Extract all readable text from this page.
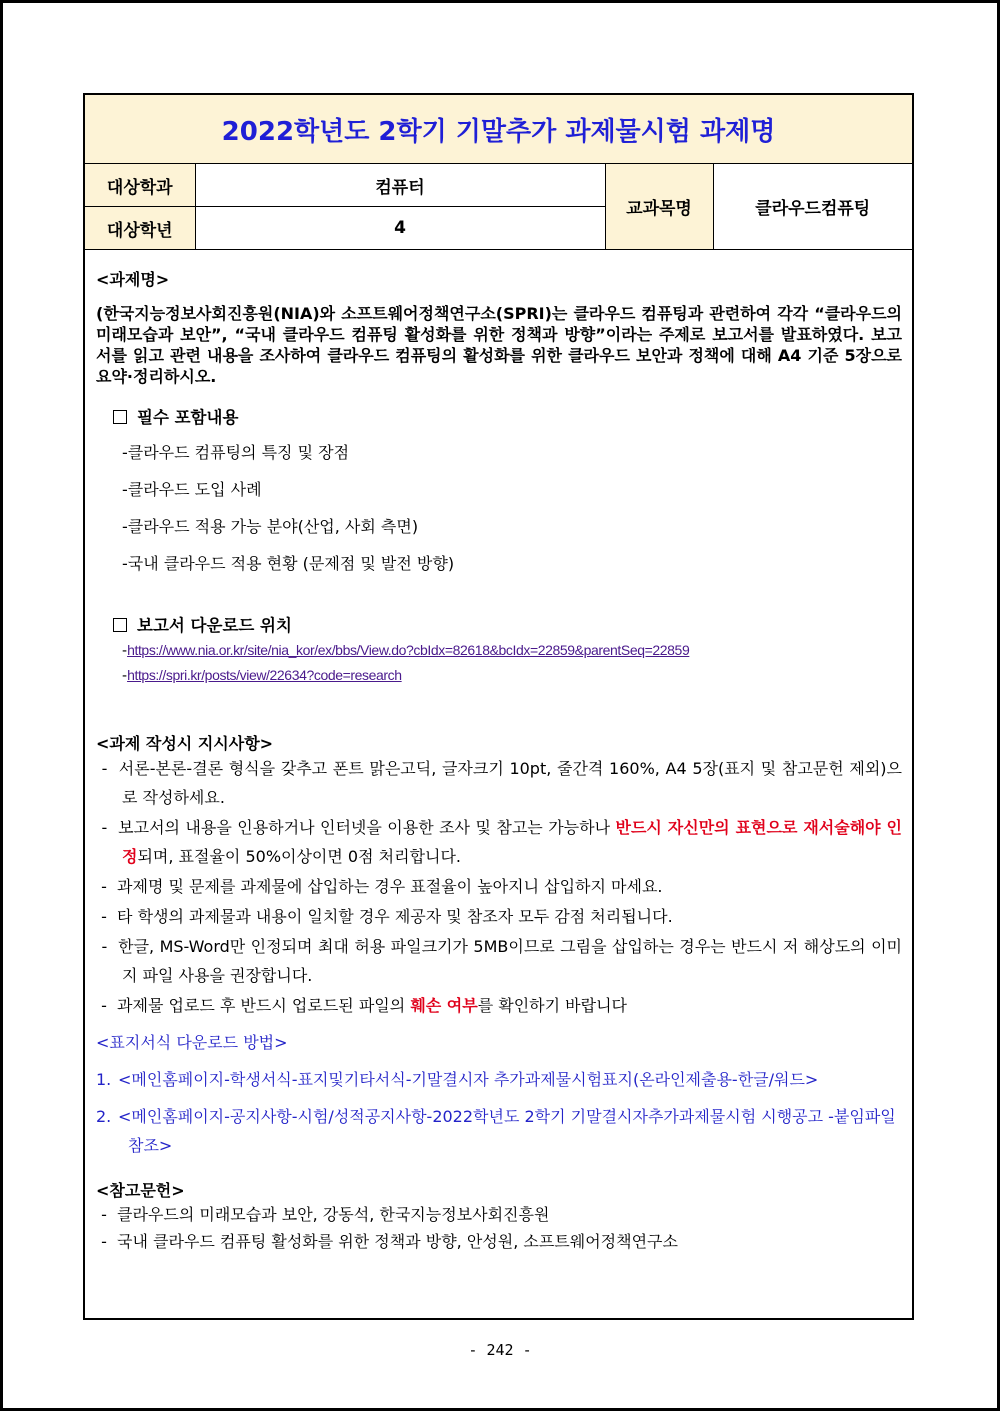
2022학년도 2학기 기말추가 과제물시험 과제명
대상학과	컴퓨터	교과목명	클라우드컴퓨팅
대상학년	4		
<과제명>
(한국지능정보사회진흥원(NIA)와 소프트웨어정책연구소(SPRI)는 클라우드 컴퓨팅과 관련하여 각각 “클라우드의 미래모습과 보안”, “국내 클라우드 컴퓨팅 활성화를 위한 정책과 방향”이라는 주제로 보고서를 발표하였다. 보고서를 읽고 관련 내용을 조사하여 클라우드 컴퓨팅의 활성화를 위한 클라우드 보안과 정책에 대해 A4 기준 5장으로 요약·정리하시오.
필수 포함내용
-클라우드 컴퓨팅의 특징 및 장점
-클라우드 도입 사례
-클라우드 적용 가능 분야(산업, 사회 측면)
-국내 클라우드 적용 현황 (문제점 및 발전 방향)
보고서 다운로드 위치
-https://www.nia.or.kr/site/nia_kor/ex/bbs/View.do?cbIdx=82618&bcIdx=22859&parentSeq=22859
-https://spri.kr/posts/view/22634?code=research
<과제 작성시 지시사항>
-  서론-본론-결론 형식을 갖추고 폰트 맑은고딕, 글자크기 10pt, 줄간격 160%, A4 5장(표지 및 참고문헌 제외)으로 작성하세요.
-  보고서의 내용을 인용하거나 인터넷을 이용한 조사 및 참고는 가능하나 반드시 자신만의 표현으로 재서술해야 인정되며, 표절율이 50%이상이면 0점 처리합니다.
-  과제명 및 문제를 과제물에 삽입하는 경우 표절율이 높아지니 삽입하지 마세요.
-  타 학생의 과제물과 내용이 일치할 경우 제공자 및 참조자 모두 감점 처리됩니다.
-  한글, MS-Word만 인정되며 최대 허용 파일크기가 5MB이므로 그림을 삽입하는 경우는 반드시 저 해상도의 이미지 파일 사용을 권장합니다.
-  과제물 업로드 후 반드시 업로드된 파일의 훼손 여부를 확인하기 바랍니다
<표지서식 다운로드 방법>
1. <메인홈페이지-학생서식-표지및기타서식-기말결시자 추가과제물시험표지(온라인제출용-한글/워드>
2. <메인홈페이지-공지사항-시험/성적공지사항-2022학년도 2학기 기말결시자추가과제물시험 시행공고 -붙임파일 참조>
<참고문헌>
-  클라우드의 미래모습과 보안, 강동석, 한국지능정보사회진흥원
-  국내 클라우드 컴퓨팅 활성화를 위한 정책과 방향, 안성원, 소프트웨어정책연구소
- 242 -
